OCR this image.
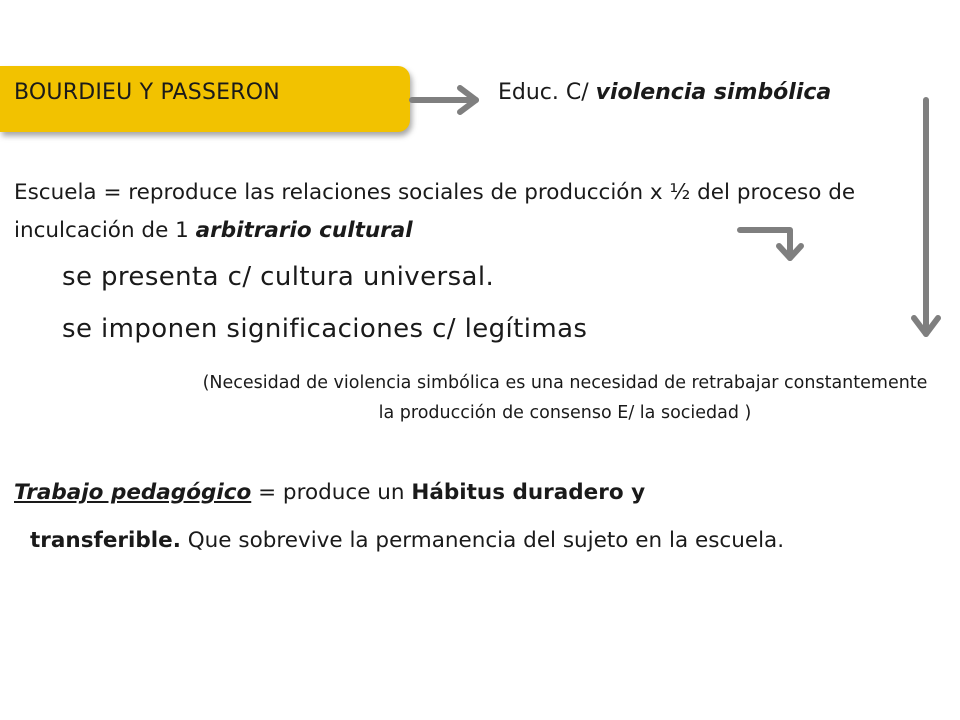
BOURDIEU Y PASSERON	Educ. C/ violencia simbólica
Escuela = reproduce las relaciones sociales de producción x ½ del proceso de inculcación de 1 arbitrario cultural
se presenta c/ cultura universal.
se imponen significaciones c/ legítimas
(Necesidad de violencia simbólica es una necesidad de retrabajar constantemente la producción de consenso E/ la sociedad )
Trabajo pedagógico = produce un Hábitus duradero y
transferible. Que sobrevive la permanencia del sujeto en la escuela.
